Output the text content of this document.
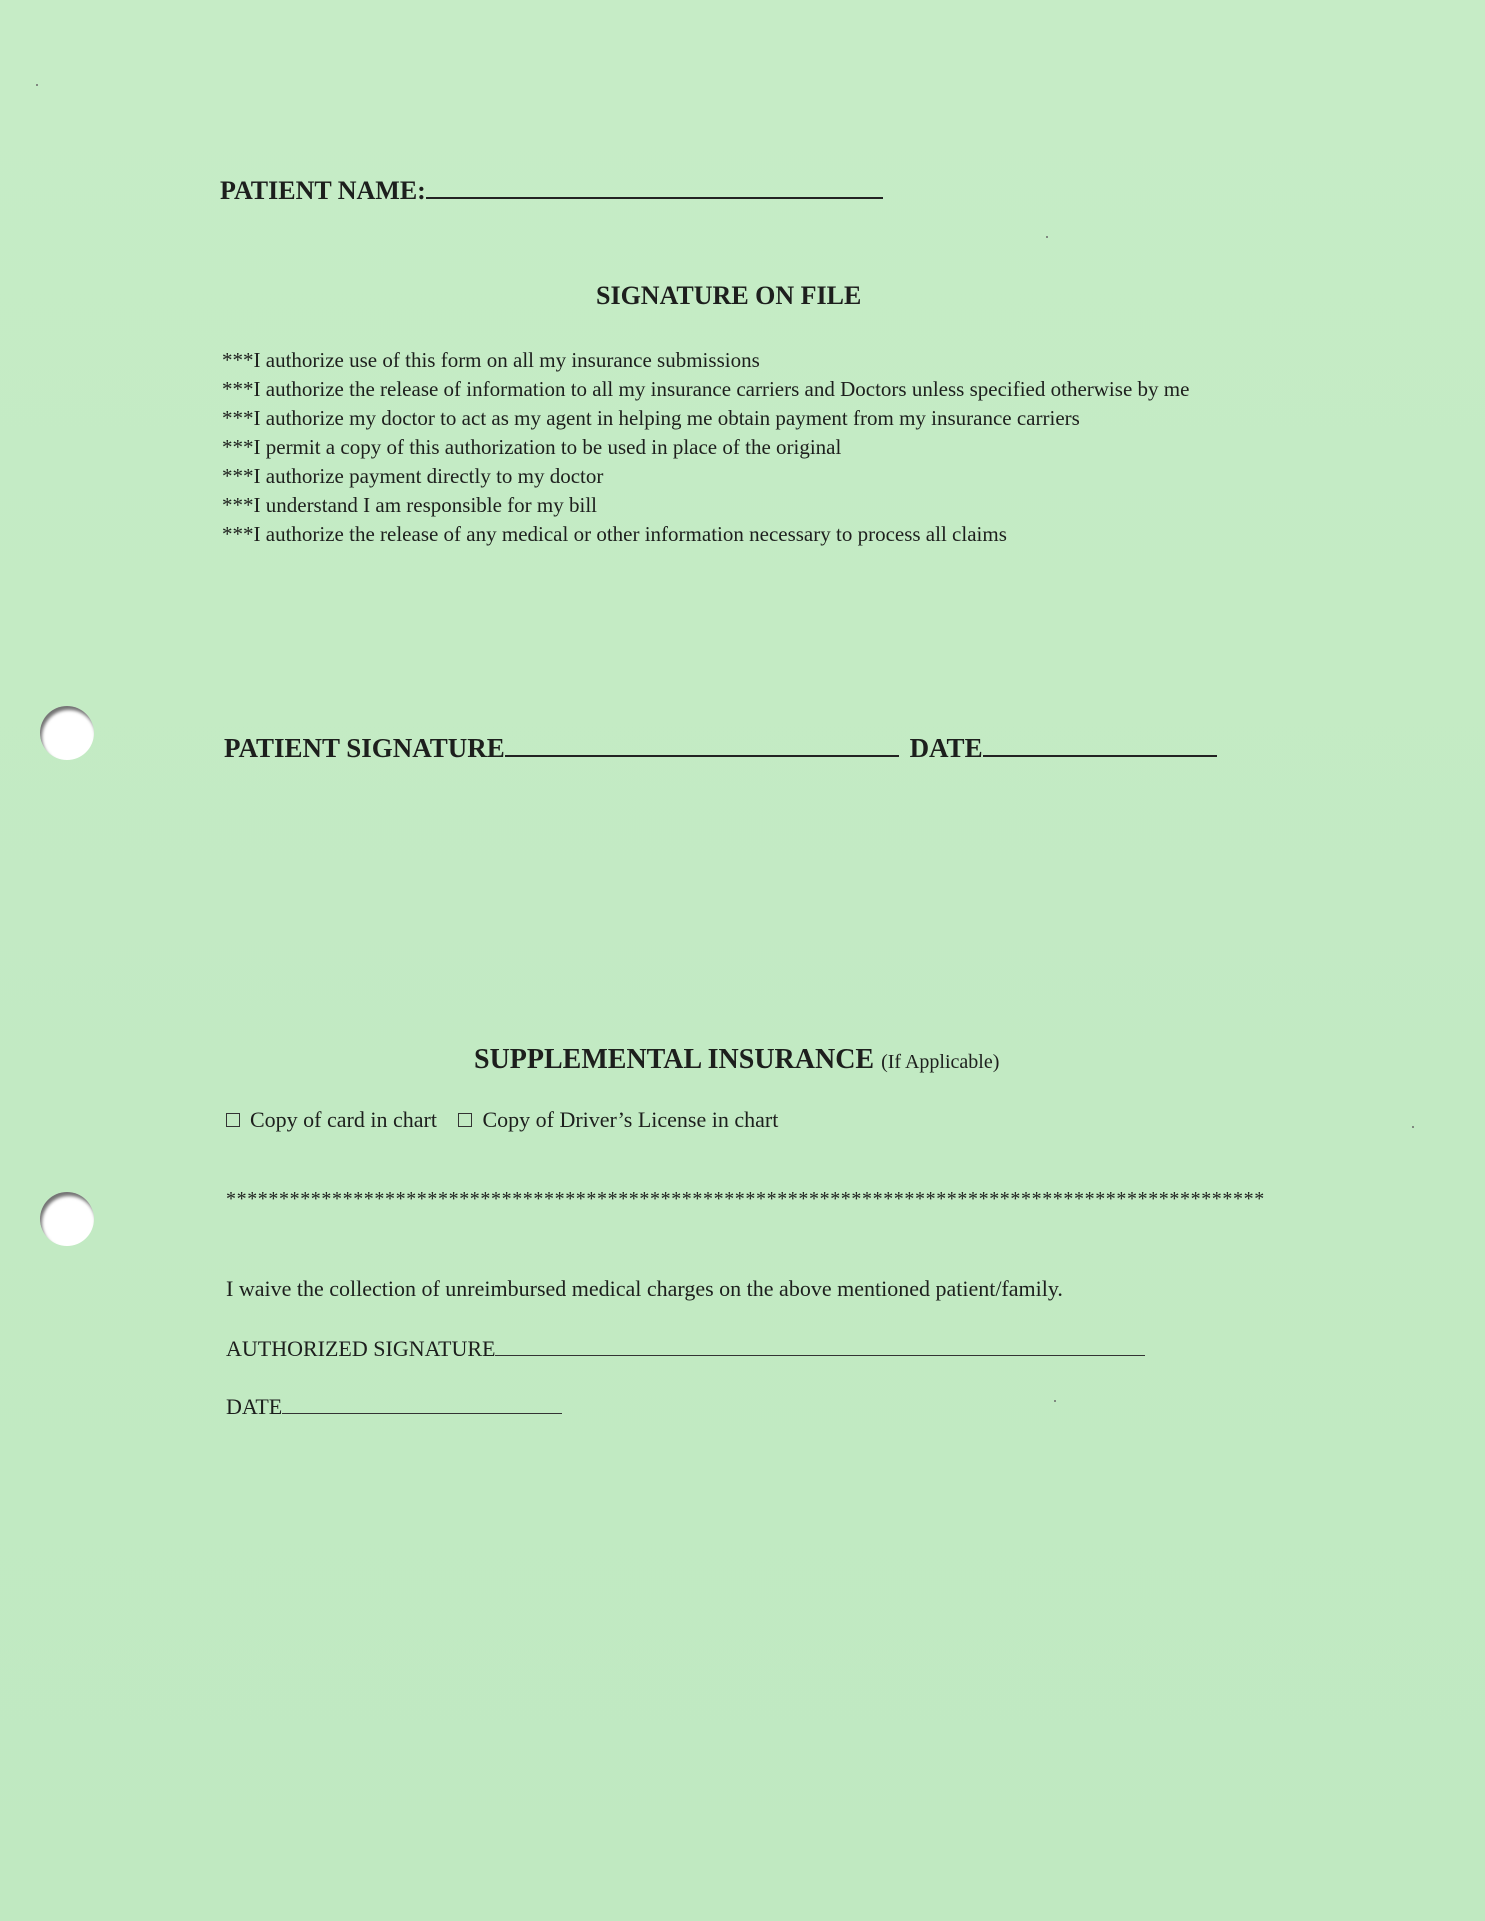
PATIENT NAME:
SIGNATURE ON FILE
***I authorize use of this form on all my insurance submissions
***I authorize the release of information to all my insurance carriers and Doctors unless specified otherwise by me
***I authorize my doctor to act as my agent in helping me obtain payment from my insurance carriers
***I permit a copy of this authorization to be used in place of the original
***I authorize payment directly to my doctor
***I understand I am responsible for my bill
***I authorize the release of any medical or other information necessary to process all claims
PATIENT SIGNATURE	DATE
SUPPLEMENTAL INSURANCE (If Applicable)
Copy of card in chart Copy of Driver’s License in chart
**************************************************************************************************
I waive the collection of unreimbursed medical charges on the above mentioned patient/family.
AUTHORIZED SIGNATURE
DATE
